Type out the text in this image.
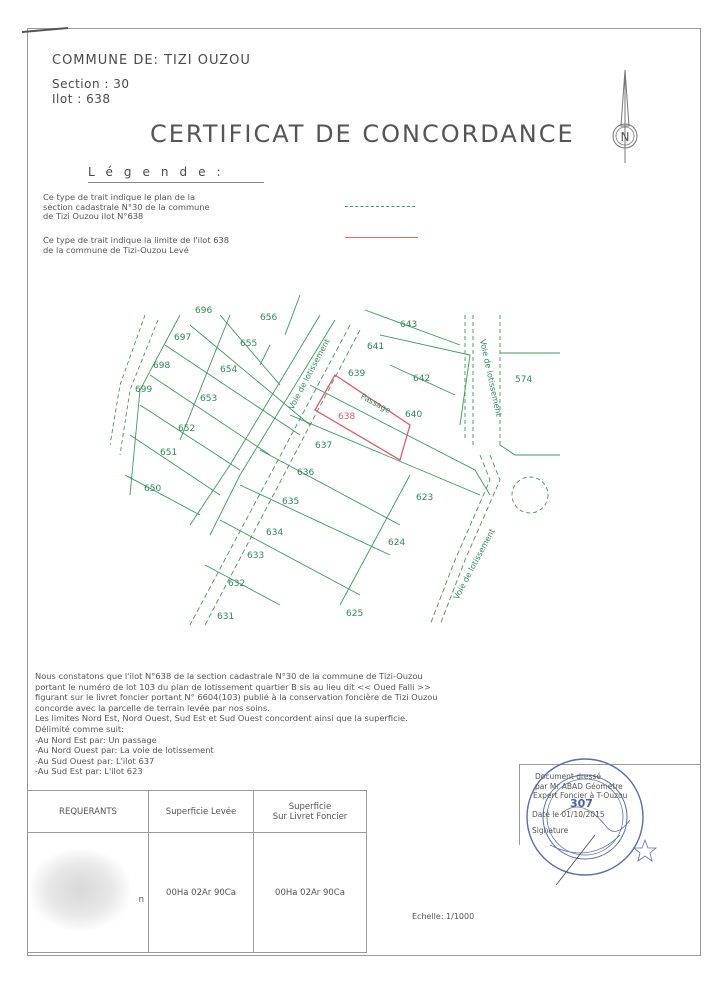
COMMUNE DE: TIZI OUZOU
Section : 30
Ilot : 638
CERTIFICAT DE CONCORDANCE	N
Légende:
Ce type de trait indique le plan de la
section cadastrale N°30 de la commune
de Tizi Ouzou ilot N°638
Ce type de trait indique la limite de l'ilot 638
de la commune de Tizi-Ouzou Levé
696
656
643
697
655	641
698	654	639	642	574
699
653
640
652
638
651
637
636
623
650
635
634
624
633
632
631	625
Passage
Voie de lotissement	Voie de lotissement
Voie de lotissement
Nous constatons que l'ilot N°638 de la section cadastrale N°30 de la commune de Tizi-Ouzou
portant le numéro de lot 103 du plan de lotissement quartier B sis au lieu dit << Oued Falli >>
figurant sur le livret foncier portant N° 6604(103) publié à la conservation foncière de Tizi Ouzou
concorde avec la parcelle de terrain levée par nos soins.
Les limites Nord Est, Nord Ouest, Sud Est et Sud Ouest concordent ainsi que la superficie.
Délimité comme suit:
-Au Nord Est par: Un passage
-Au Nord Ouest par: La voie de lotissement
-Au Sud Ouest par: L'ilot 637
-Au Sud Est par: L'ilot 623
REQUERANTS	Superficie Levée	Superficie
Sur Livret Foncier
n	00Ha 02Ar 90Ca	00Ha 02Ar 90Ca
Document dressé
par Mr ABAD Géomètre
Expert Foncier à T-Ouzou
307
Date le 01/10/2015
Signature
Echelle: 1/1000
